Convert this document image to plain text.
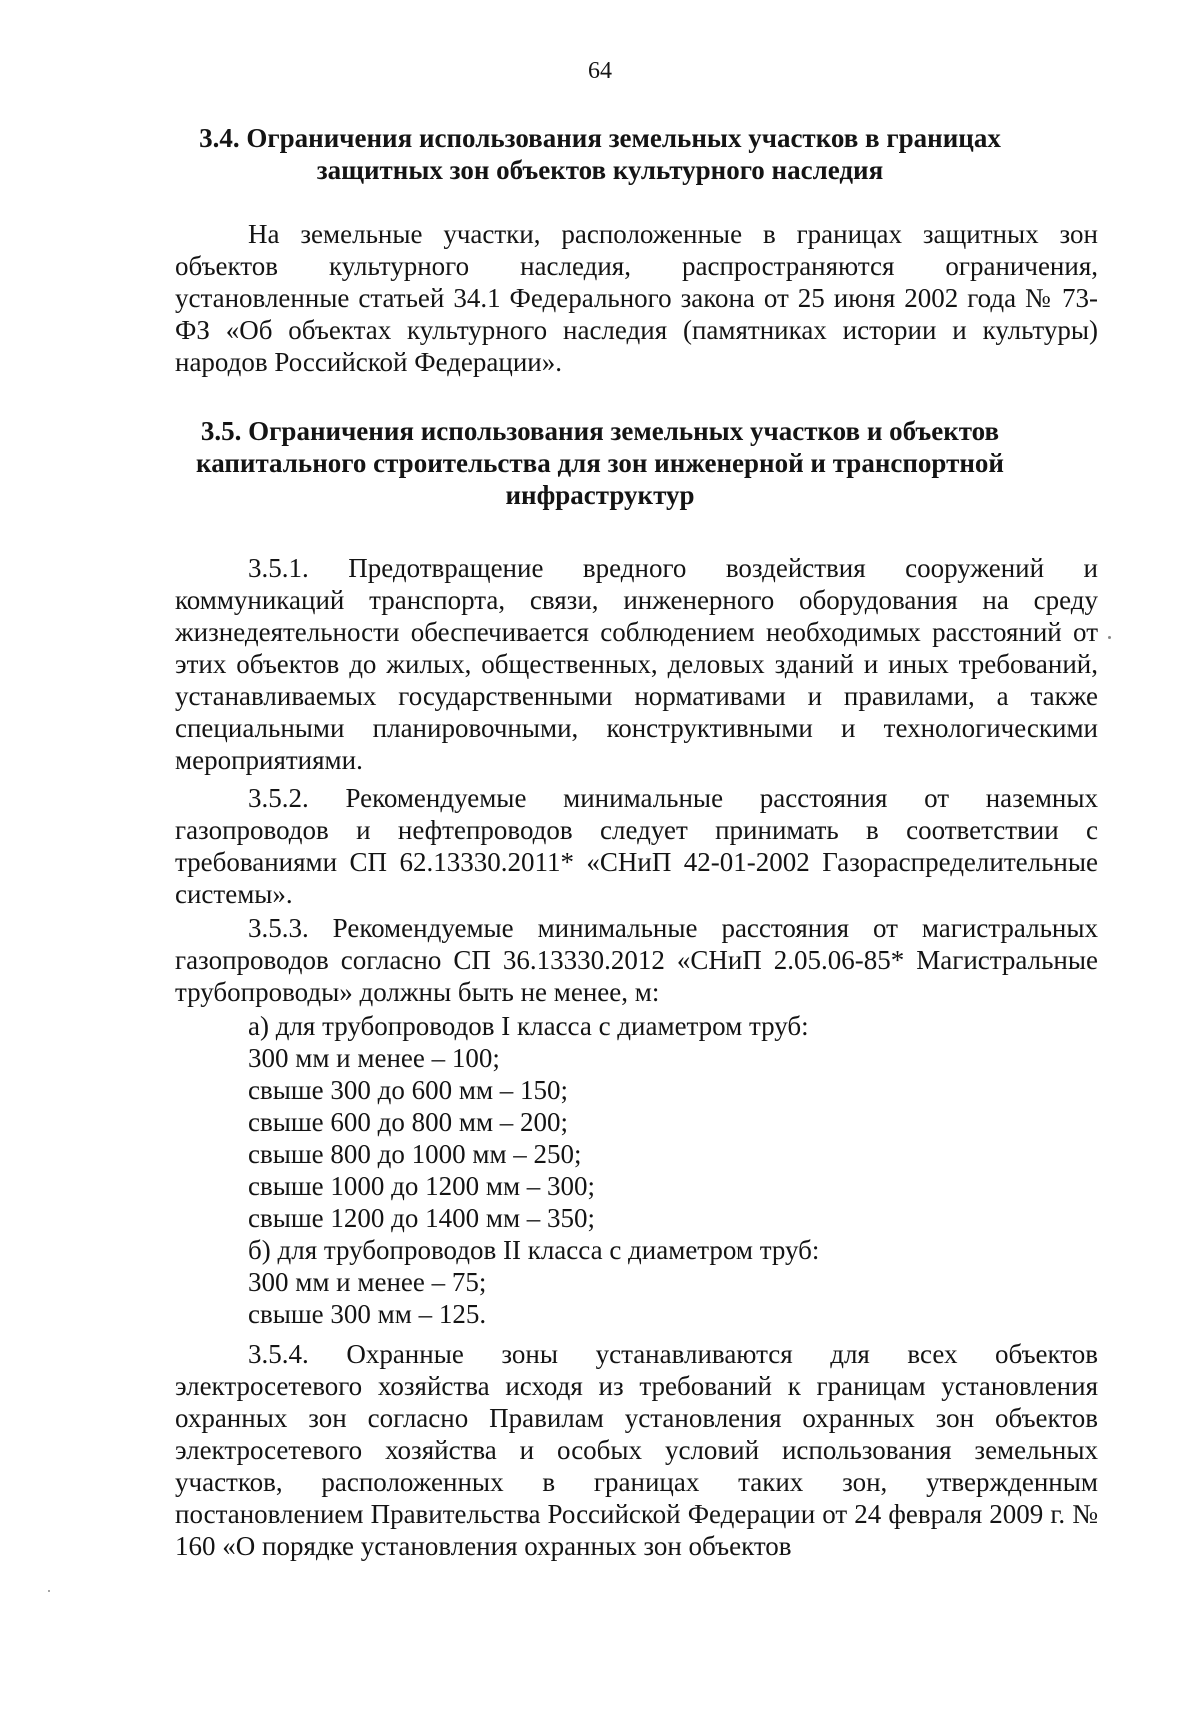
64
3.4. Ограничения использования земельных участков в границах защитных зон объектов культурного наследия
На земельные участки, расположенные в границах защитных зон объектов культурного наследия, распространяются ограничения, установленные статьей 34.1 Федерального закона от 25 июня 2002 года № 73-ФЗ «Об объектах культурного наследия (памятниках истории и культуры) народов Российской Федерации».
3.5. Ограничения использования земельных участков и объектов капитального строительства для зон инженерной и транспортной инфраструктур
3.5.1. Предотвращение вредного воздействия сооружений и коммуникаций транспорта, связи, инженерного оборудования на среду жизнедеятельности обеспечивается соблюдением необходимых расстояний от этих объектов до жилых, общественных, деловых зданий и иных требований, устанавливаемых государственными нормативами и правилами, а также специальными планировочными, конструктивными и технологическими мероприятиями.
3.5.2. Рекомендуемые минимальные расстояния от наземных газопроводов и нефтепроводов следует принимать в соответствии с требованиями СП 62.13330.2011* «СНиП 42-01-2002 Газораспределительные системы».
3.5.3. Рекомендуемые минимальные расстояния от магистральных газопроводов согласно СП 36.13330.2012 «СНиП 2.05.06-85* Магистральные трубопроводы» должны быть не менее, м:
а) для трубопроводов I класса с диаметром труб:
300 мм и менее – 100;
свыше 300 до 600 мм – 150;
свыше 600 до 800 мм – 200;
свыше 800 до 1000 мм – 250;
свыше 1000 до 1200 мм – 300;
свыше 1200 до 1400 мм – 350;
б) для трубопроводов II класса с диаметром труб:
300 мм и менее – 75;
свыше 300 мм – 125.
3.5.4. Охранные зоны устанавливаются для всех объектов электросетевого хозяйства исходя из требований к границам установления охранных зон согласно Правилам установления охранных зон объектов электросетевого хозяйства и особых условий использования земельных участков, расположенных в границах таких зон, утвержденным постановлением Правительства Российской Федерации от 24 февраля 2009 г. № 160 «О порядке установления охранных зон объектов
